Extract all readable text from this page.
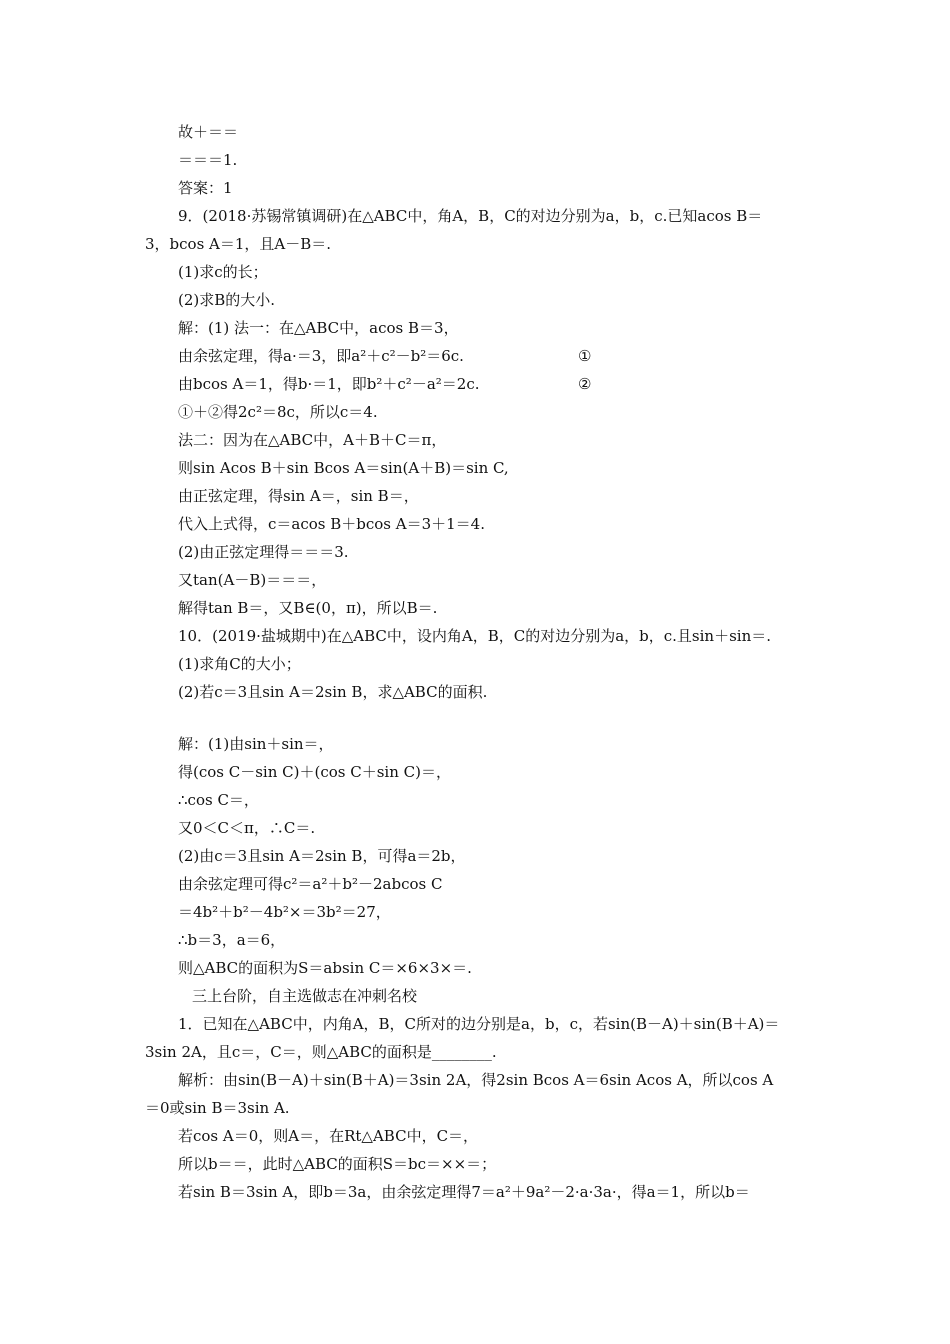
故＋＝＝
＝＝＝1.
答案：1
9．(2018·苏锡常镇调研)在△ABC中，角A，B，C的对边分别为a，b，c.已知acos B＝
3，bcos A＝1，且A－B＝.
(1)求c的长；
(2)求B的大小.
解：(1) 法一：在△ABC中，acos B＝3，
由余弦定理，得a·＝3，即a²＋c²－b²＝6c.	①
由bcos A＝1，得b·＝1，即b²＋c²－a²＝2c.	②
①＋②得2c²＝8c，所以c＝4.
法二：因为在△ABC中，A＋B＋C＝π，
则sin Acos B＋sin Bcos A＝sin(A＋B)＝sin C,
由正弦定理，得sin A＝，sin B＝，
代入上式得，c＝acos B＋bcos A＝3＋1＝4.
(2)由正弦定理得＝＝＝3.
又tan(A－B)＝＝＝，
解得tan B＝，又B∈(0，π)，所以B＝.
10．(2019·盐城期中)在△ABC中，设内角A，B，C的对边分别为a，b，c.且sin＋sin＝.
(1)求角C的大小；
(2)若c＝3且sin A＝2sin B，求△ABC的面积.
解：(1)由sin＋sin＝，
得(cos C－sin C)＋(cos C＋sin C)＝，
∴cos C＝，
又0＜C＜π，∴C＝.
(2)由c＝3且sin A＝2sin B，可得a＝2b，
由余弦定理可得c²＝a²＋b²－2abcos C
＝4b²＋b²－4b²×＝3b²＝27，
∴b＝3，a＝6，
则△ABC的面积为S＝absin C＝×6×3×＝.
三上台阶，自主选做志在冲刺名校
1．已知在△ABC中，内角A，B，C所对的边分别是a，b，c，若sin(B－A)＋sin(B＋A)＝
3sin 2A，且c＝，C＝，则△ABC的面积是________.
解析：由sin(B－A)＋sin(B＋A)＝3sin 2A，得2sin Bcos A＝6sin Acos A，所以cos A
＝0或sin B＝3sin A.
若cos A＝0，则A＝，在Rt△ABC中，C＝，
所以b＝＝，此时△ABC的面积S＝bc＝××＝；
若sin B＝3sin A，即b＝3a，由余弦定理得7＝a²＋9a²－2·a·3a·，得a＝1，所以b＝
